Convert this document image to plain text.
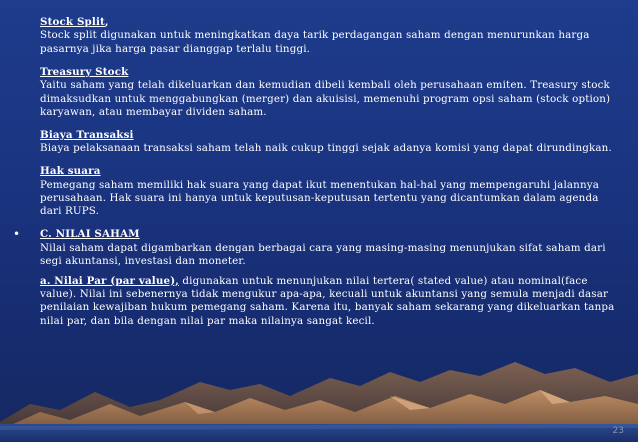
Stock Split,
Stock split digunakan untuk meningkatkan daya tarik perdagangan saham dengan menurunkan harga pasarnya jika harga pasar dianggap terlalu tinggi.
Treasury Stock
Yaitu saham yang telah dikeluarkan dan kemudian dibeli kembali oleh perusahaan emiten. Treasury stock dimaksudkan untuk menggabungkan (merger) dan akuisisi, memenuhi program opsi saham (stock option) karyawan, atau membayar dividen saham.
Biaya Transaksi
Biaya pelaksanaan transaksi saham telah naik cukup tinggi sejak adanya komisi yang dapat dirundingkan.
Hak suara
Pemegang saham memiliki hak suara yang dapat ikut menentukan hal-hal yang mempengaruhi jalannya perusahaan. Hak suara ini hanya untuk keputusan-keputusan tertentu yang dicantumkan dalam agenda dari RUPS.
• C. NILAI SAHAM
Nilai saham dapat digambarkan dengan berbagai cara yang masing-masing menunjukan sifat saham dari segi akuntansi, investasi dan moneter.
a. Nilai Par (par value), digunakan untuk menunjukan nilai tertera( stated value) atau nominal(face value). Nilai ini sebenernya tidak mengukur apa-apa, kecuali untuk akuntansi yang semula menjadi dasar penilaian kewajiban hukum pemegang saham. Karena itu, banyak saham sekarang yang dikeluarkan tanpa nilai par, dan bila dengan nilai par maka nilainya sangat kecil.
23
